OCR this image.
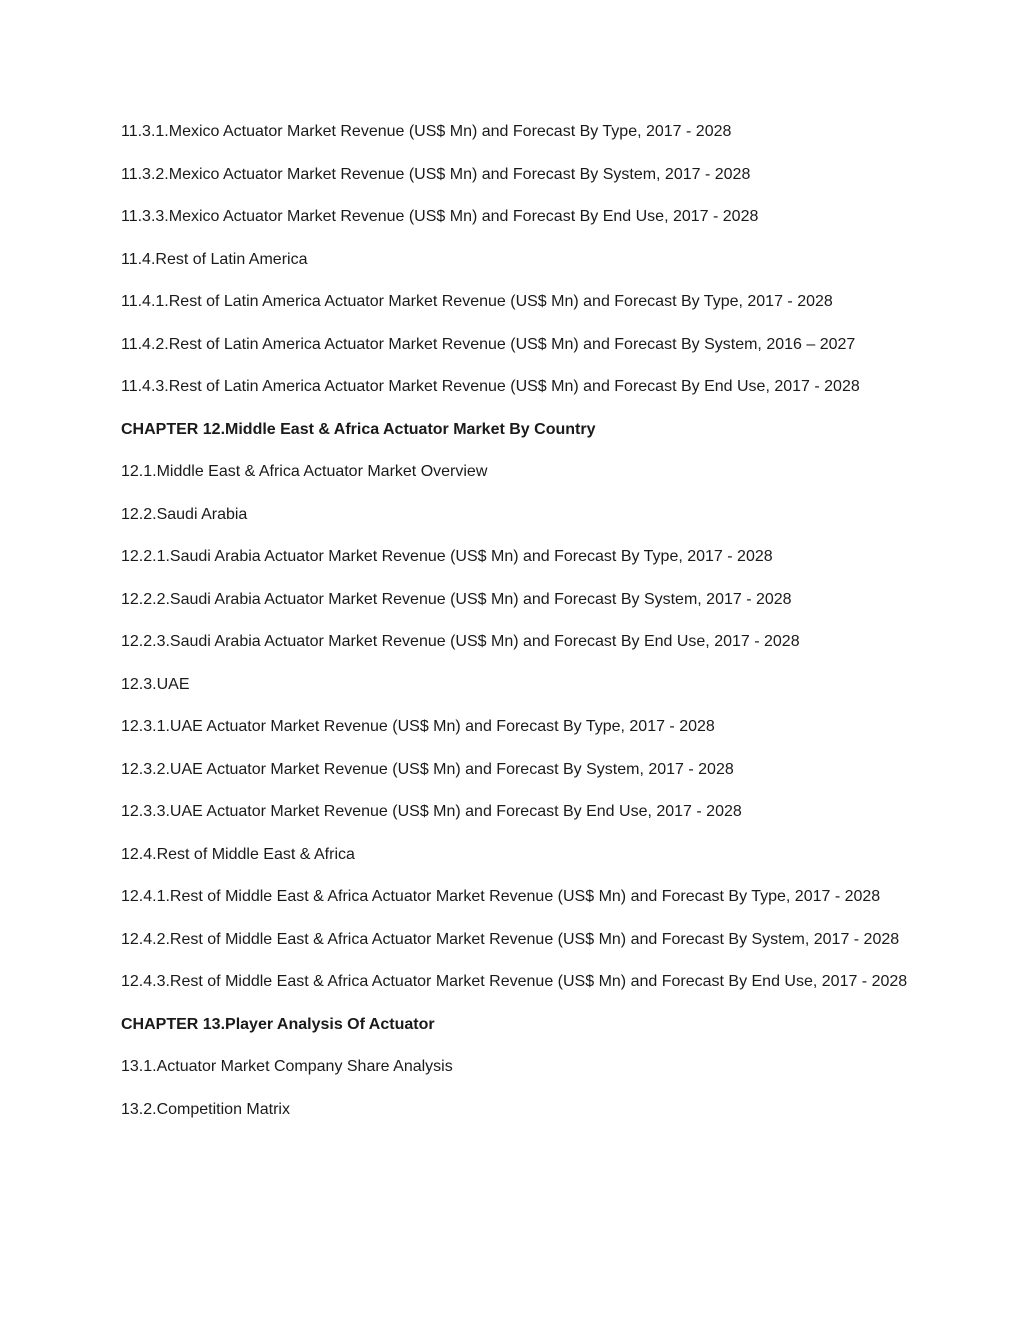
11.3.1.Mexico Actuator Market Revenue (US$ Mn) and Forecast By Type, 2017 - 2028

11.3.2.Mexico Actuator Market Revenue (US$ Mn) and Forecast By System, 2017 - 2028

11.3.3.Mexico Actuator Market Revenue (US$ Mn) and Forecast By End Use, 2017 - 2028

11.4.Rest of Latin America

11.4.1.Rest of Latin America Actuator Market Revenue (US$ Mn) and Forecast By Type, 2017 - 2028

11.4.2.Rest of Latin America Actuator Market Revenue (US$ Mn) and Forecast By System, 2016 – 2027

11.4.3.Rest of Latin America Actuator Market Revenue (US$ Mn) and Forecast By End Use, 2017 - 2028

CHAPTER 12.Middle East & Africa Actuator Market By Country

12.1.Middle East & Africa Actuator Market Overview

12.2.Saudi Arabia

12.2.1.Saudi Arabia Actuator Market Revenue (US$ Mn) and Forecast By Type, 2017 - 2028

12.2.2.Saudi Arabia Actuator Market Revenue (US$ Mn) and Forecast By System, 2017 - 2028

12.2.3.Saudi Arabia Actuator Market Revenue (US$ Mn) and Forecast By End Use, 2017 - 2028

12.3.UAE

12.3.1.UAE Actuator Market Revenue (US$ Mn) and Forecast By Type, 2017 - 2028

12.3.2.UAE Actuator Market Revenue (US$ Mn) and Forecast By System, 2017 - 2028

12.3.3.UAE Actuator Market Revenue (US$ Mn) and Forecast By End Use, 2017 - 2028

12.4.Rest of Middle East & Africa

12.4.1.Rest of Middle East & Africa Actuator Market Revenue (US$ Mn) and Forecast By Type, 2017 - 2028

12.4.2.Rest of Middle East & Africa Actuator Market Revenue (US$ Mn) and Forecast By System, 2017 - 2028

12.4.3.Rest of Middle East & Africa Actuator Market Revenue (US$ Mn) and Forecast By End Use, 2017 - 2028

CHAPTER 13.Player Analysis Of Actuator

13.1.Actuator Market Company Share Analysis

13.2.Competition Matrix
